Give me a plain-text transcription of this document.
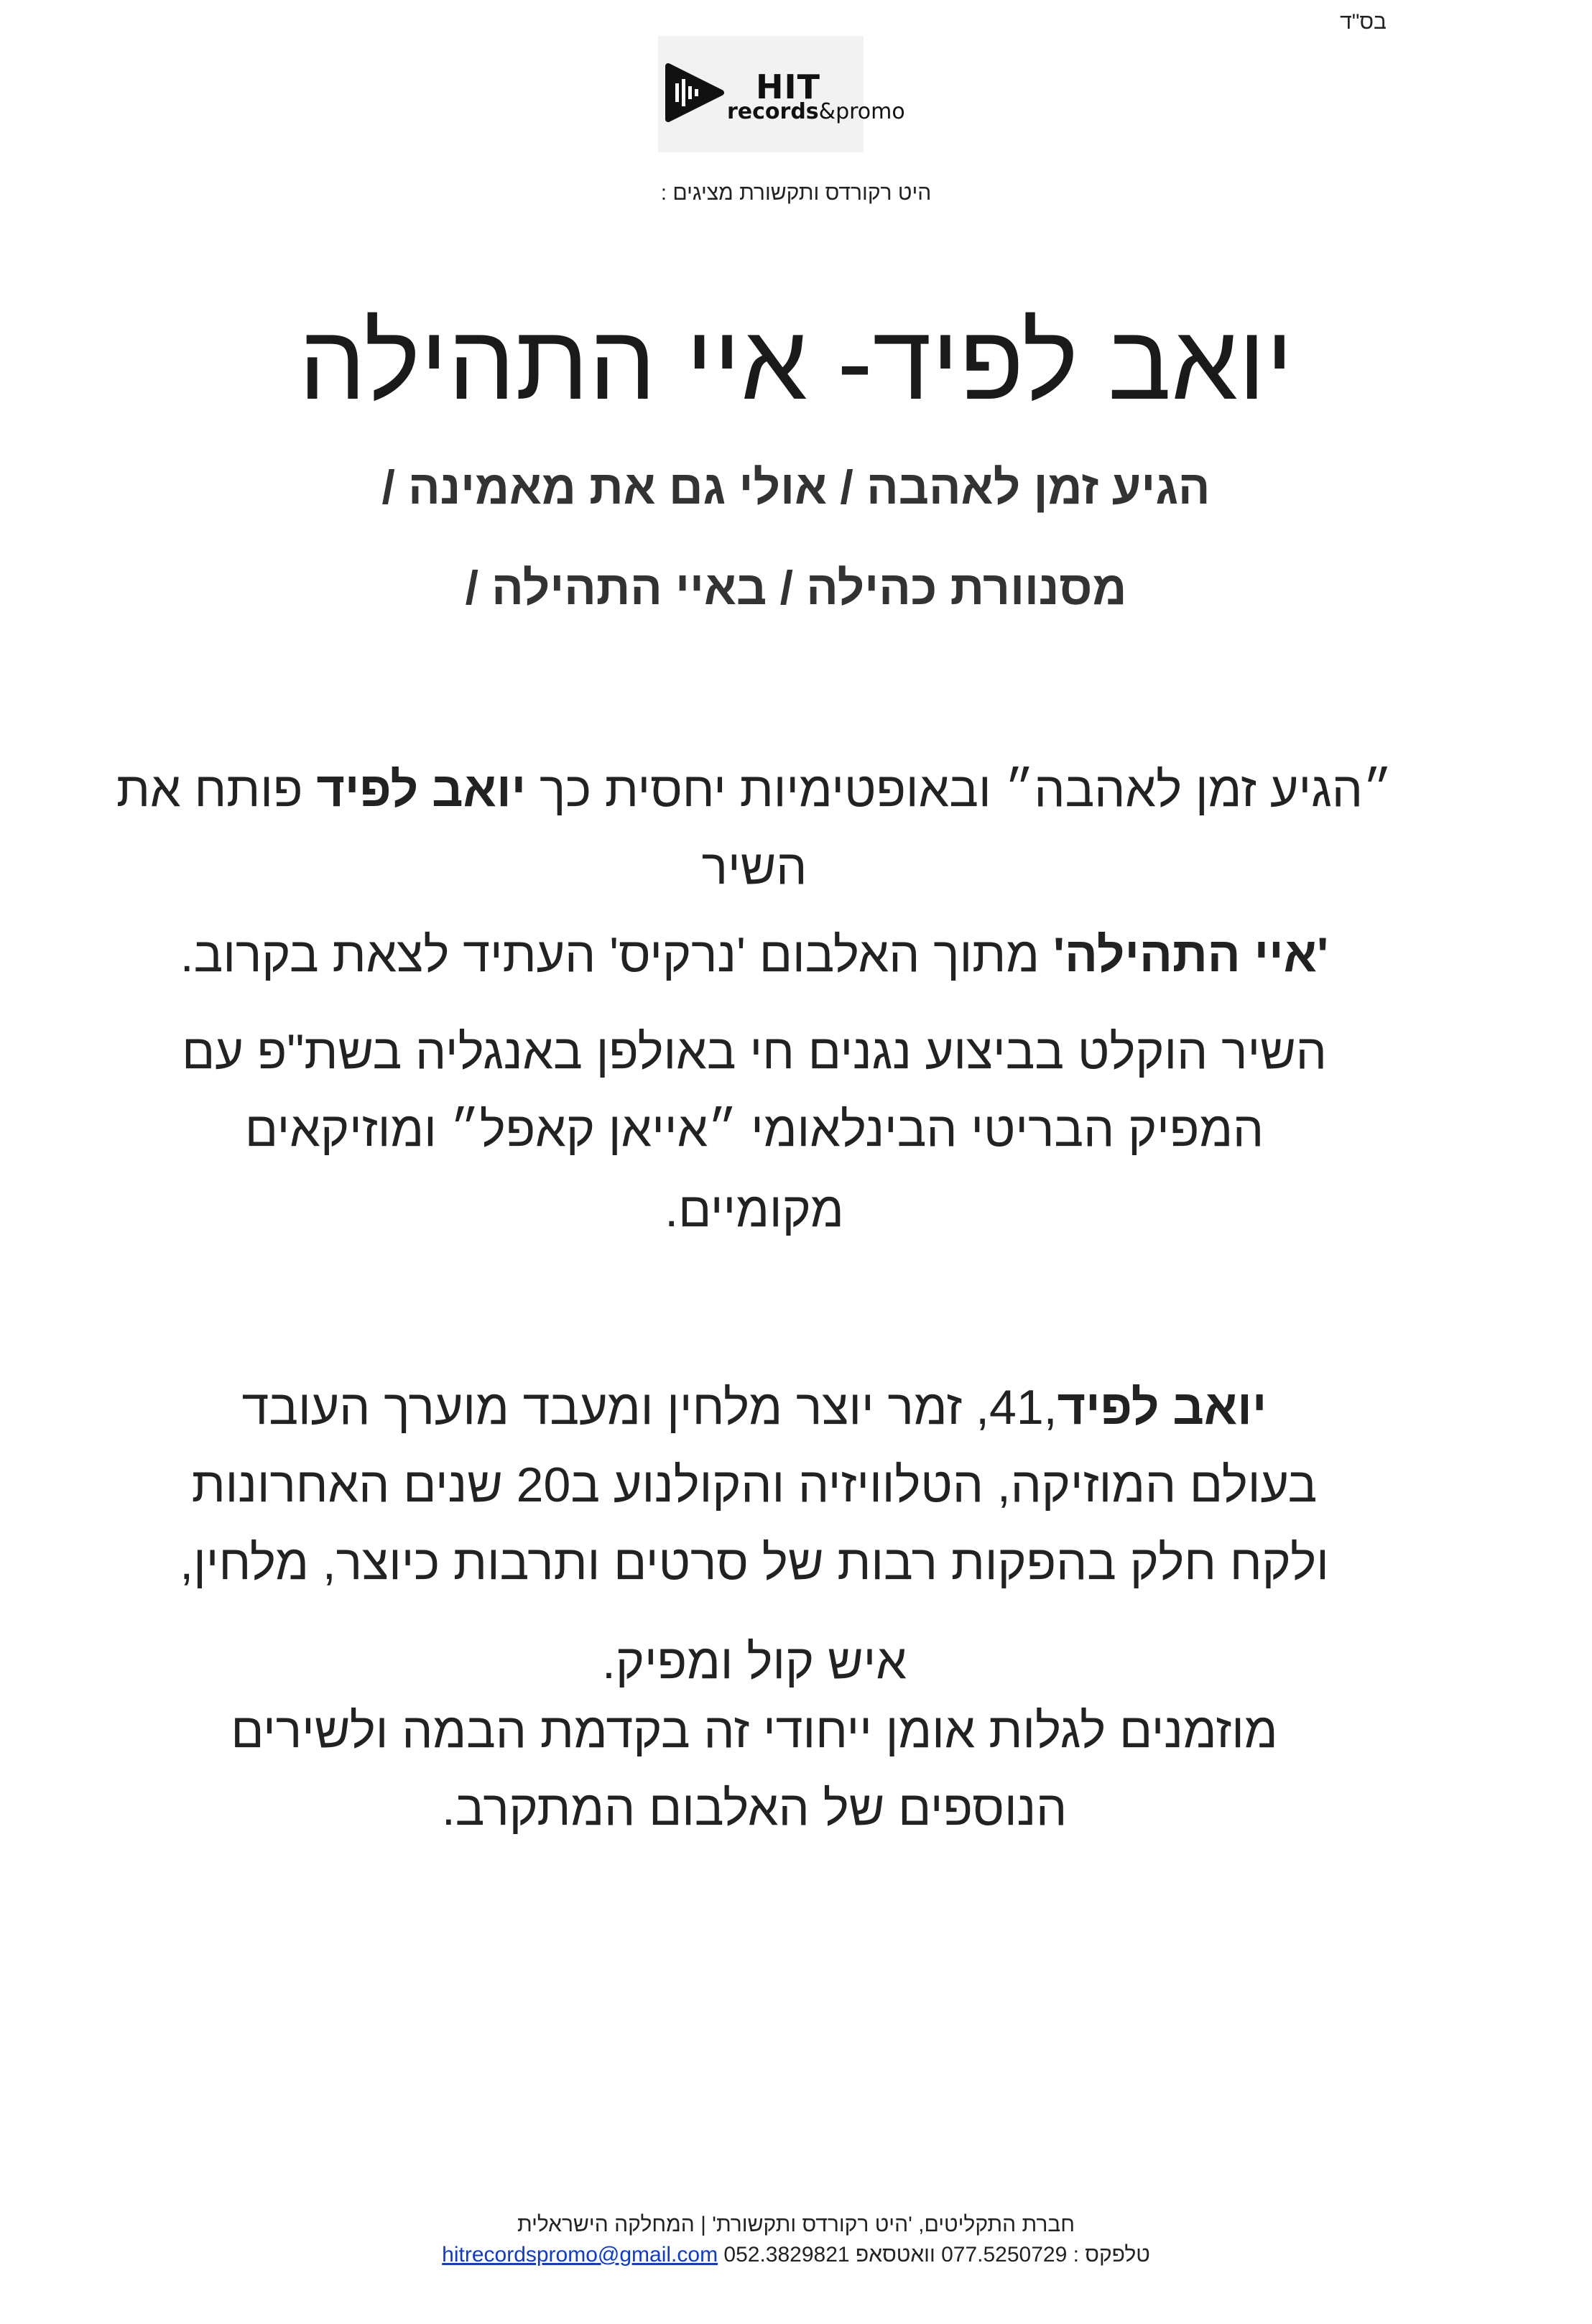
בס"ד
HIT
records&promo
היט רקורדס ותקשורת מציגים :
יואב לפיד- איי התהילה
הגיע זמן לאהבה / אולי גם את מאמינה /
מסנוורת כהילה / באיי התהילה /
״הגיע זמן לאהבה״ ובאופטימיות יחסית כך יואב לפיד פותח את השיר
'איי התהילה' מתוך האלבום 'נרקיס' העתיד לצאת בקרוב.

השיר הוקלט בביצוע נגנים חי באולפן באנגליה בשת"פ עם

המפיק הבריטי הבינלאומי ״אייאן קאפל״ ומוזיקאים

מקומיים.

יואב לפיד,41, זמר יוצר מלחין ומעבד מוערך העובד

בעולם המוזיקה, הטלוויזיה והקולנוע ב20 שנים האחרונות

ולקח חלק בהפקות רבות של סרטים ותרבות כיוצר, מלחין,

איש קול ומפיק.

מוזמנים לגלות אומן ייחודי זה בקדמת הבמה ולשירים

הנוספים של האלבום המתקרב.

חברת התקליטים, 'היט רקורדס ותקשורת' | המחלקה הישראלית
טלפקס : 077.5250729 וואטסאפ 052.3829821 hitrecordspromo@gmail.com
